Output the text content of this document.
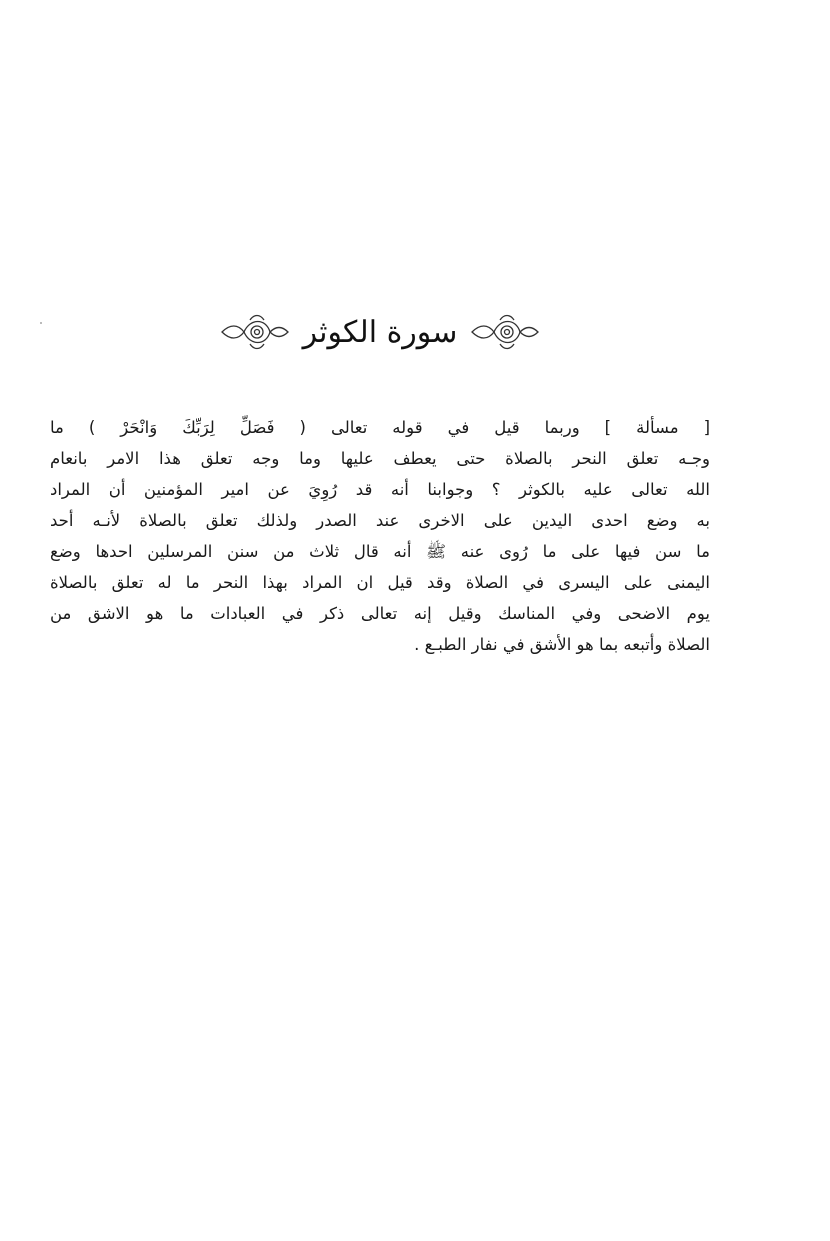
سورة الكوثر
[ مسألة ] وربما قيل في قوله تعالى ( فَصَلِّ لِرَبِّكَ وَانْحَرْ ) ما
وجـه تعلق النحر بالصلاة حتى يعطف عليها وما وجه تعلق هذا الامر بانعام
الله تعالى عليه بالكوثر ؟ وجوابنا أنه قد رُوِيَ عن امير المؤمنين أن المراد
به وضع احدى اليدين على الاخرى عند الصدر ولذلك تعلق بالصلاة لأنـه أحد
ما سن فيها على ما رُوى عنه ﷺ أنه قال ثلاث من سنن المرسلين احدها وضع
اليمنى على اليسرى في الصلاة وقد قيل ان المراد بهذا النحر ما له تعلق بالصلاة
يوم الاضحى وفي المناسك وقيل إنه تعالى ذكر في العبادات ما هو الاشق من
الصلاة وأتبعه بما هو الأشق في نفار الطبـع .
